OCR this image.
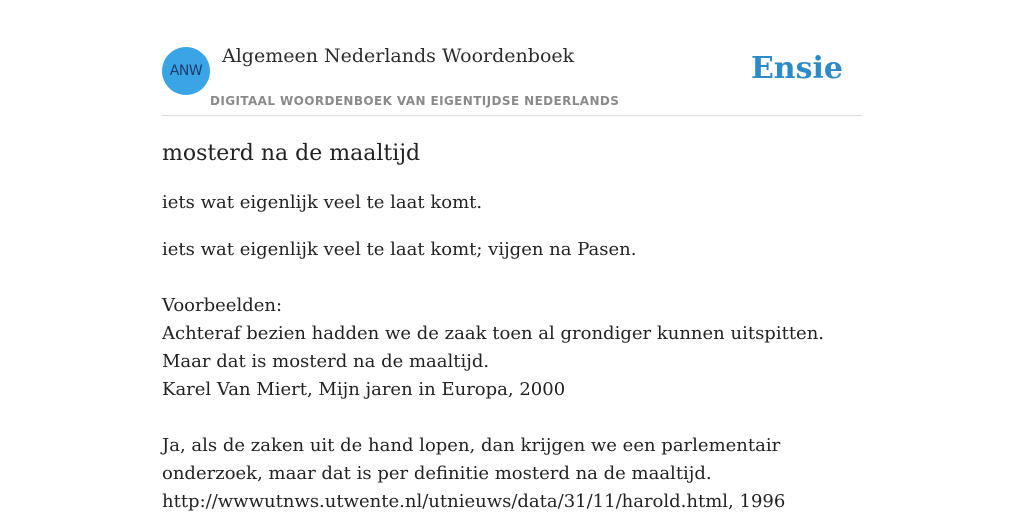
ANW
Algemeen Nederlands Woordenboek
DIGITAAL WOORDENBOEK VAN EIGENTIJDSE NEDERLANDS
Ensie
mosterd na de maaltijd

iets wat eigenlijk veel te laat komt.

iets wat eigenlijk veel te laat komt; vijgen na Pasen.

Voorbeelden:

Achteraf bezien hadden we de zaak toen al grondiger kunnen uitspitten. Maar dat is mosterd na de maaltijd.

Karel Van Miert, Mijn jaren in Europa, 2000

Ja, als de zaken uit de hand lopen, dan krijgen we een parlementair onderzoek, maar dat is per definitie mosterd na de maaltijd.

http://wwwutnws.utwente.nl/utnieuws/data/31/11/harold.html, 1996
